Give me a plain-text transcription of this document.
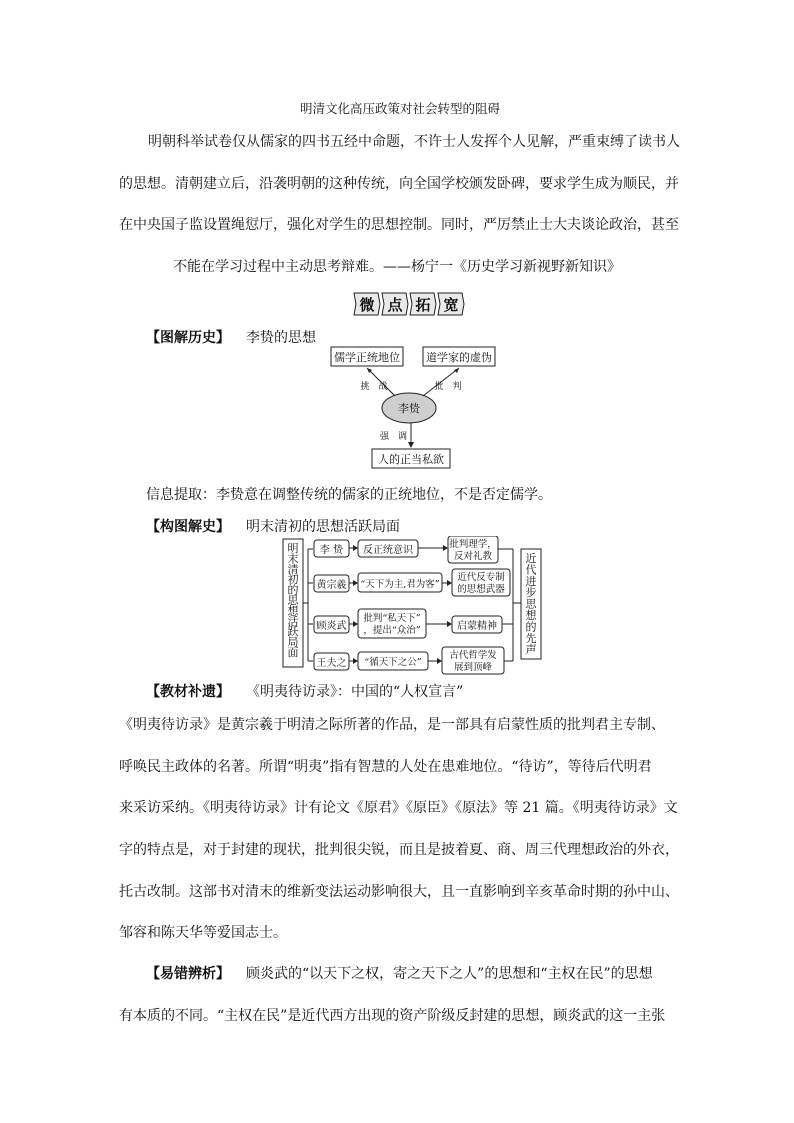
明清文化高压政策对社会转型的阻碍
明朝科举试卷仅从儒家的四书五经中命题，不许士人发挥个人见解，严重束缚了读书人
的思想。清朝建立后，沿袭明朝的这种传统，向全国学校颁发卧碑，要求学生成为顺民，并
在中央国子监设置绳愆厅，强化对学生的思想控制。同时，严厉禁止士大夫谈论政治，甚至
不能在学习过程中主动思考辩难。——杨宁一《历史学习新视野新知识》
微 点 拓 宽
【图解历史】 李贽的思想
儒学正统地位 道学家的虚伪
李贽
人的正当私欲
挑　战	批　判
强　调
信息提取：李贽意在调整传统的儒家的正统地位，不是否定儒学。
【构图解史】 明末清初的思想活跃局面
明末清初的思想活跃局面
近代进步思想的先声
李 贽 反正统意识
批判理学，
反对礼教
黄宗羲 “天下为主,君为客”
近代反专制
的思想武器
顾炎武
批判“私天下”
，提出“众治”	启蒙精神
王夫之 “循天下之公”
古代哲学发
展到顶峰
【教材补遗】 《明夷待访录》：中国的“人权宣言”
《明夷待访录》是黄宗羲于明清之际所著的作品，是一部具有启蒙性质的批判君主专制、
呼唤民主政体的名著。所谓“明夷”指有智慧的人处在患难地位。“待访”，等待后代明君
来采访采纳。《明夷待访录》计有论文《原君》《原臣》《原法》等 21 篇。《明夷待访录》文
字的特点是，对于封建的现状，批判很尖锐，而且是披着夏、商、周三代理想政治的外衣，
托古改制。这部书对清末的维新变法运动影响很大，且一直影响到辛亥革命时期的孙中山、
邹容和陈天华等爱国志士。
【易错辨析】 顾炎武的“以天下之权，寄之天下之人”的思想和“主权在民”的思想
有本质的不同。“主权在民”是近代西方出现的资产阶级反封建的思想，顾炎武的这一主张
